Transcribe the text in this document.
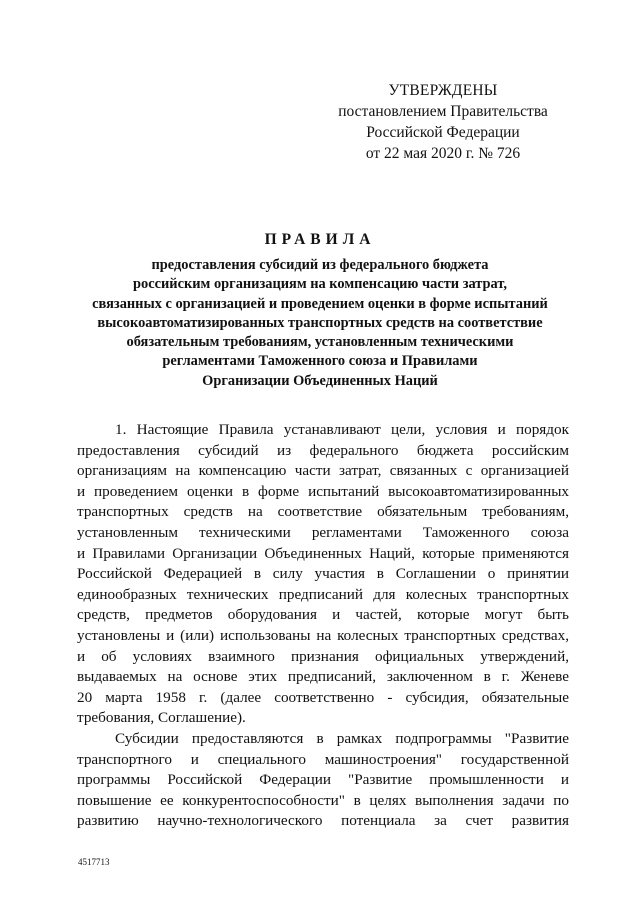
УТВЕРЖДЕНЫ
постановлением Правительства
Российской Федерации
от 22 мая 2020 г. № 726
ПРАВИЛА
предоставления субсидий из федерального бюджета
российским организациям на компенсацию части затрат,
связанных с организацией и проведением оценки в форме испытаний
высокоавтоматизированных транспортных средств на соответствие
обязательным требованиям, установленным техническими
регламентами Таможенного союза и Правилами
Организации Объединенных Наций
1. Настоящие Правила устанавливают цели, условия и порядок
предоставления субсидий из федерального бюджета российским
организациям на компенсацию части затрат, связанных с организацией
и проведением оценки в форме испытаний высокоавтоматизированных
транспортных средств на соответствие обязательным требованиям,
установленным техническими регламентами Таможенного союза
и Правилами Организации Объединенных Наций, которые применяются
Российской Федерацией в силу участия в Соглашении о принятии
единообразных технических предписаний для колесных транспортных
средств, предметов оборудования и частей, которые могут быть
установлены и (или) использованы на колесных транспортных средствах,
и об условиях взаимного признания официальных утверждений,
выдаваемых на основе этих предписаний, заключенном в г. Женеве
20 марта 1958 г. (далее соответственно - субсидия, обязательные
требования, Соглашение).
Субсидии предоставляются в рамках подпрограммы "Развитие
транспортного и специального машиностроения" государственной
программы Российской Федерации "Развитие промышленности и
повышение ее конкурентоспособности" в целях выполнения задачи по
развитию научно-технологического потенциала за счет развития
4517713
